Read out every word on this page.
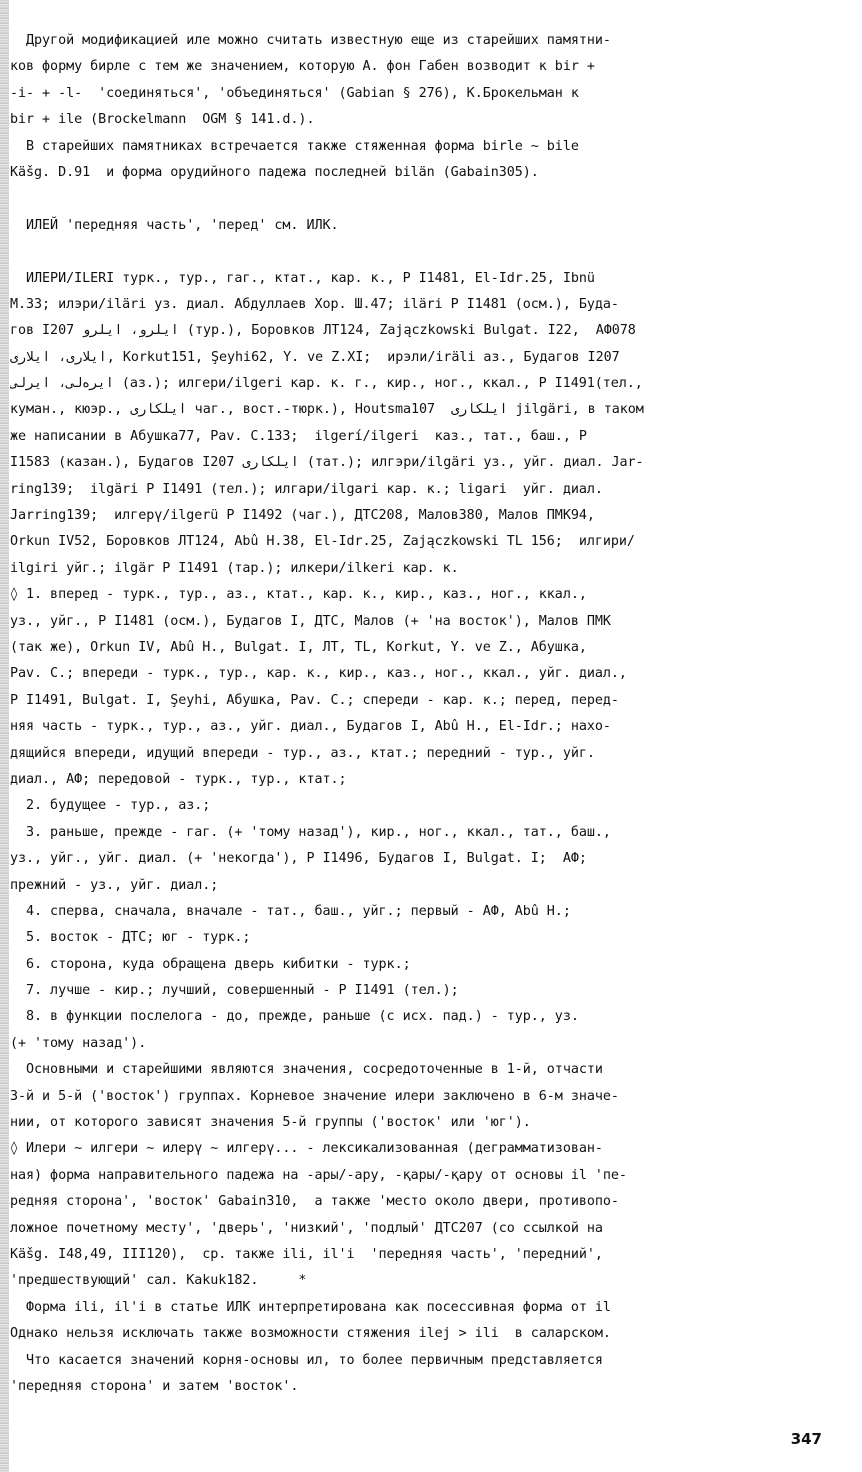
Другой модификацией иле можно считать известную еще из старейших памятни-
ков форму бирле с тем же значением, которую А. фон Габен возводит к bir +
-i- + -l-  'соединяться', 'объединяться' (Gabian § 276), К.Брокельман к
bir + ile (Brockelmann  OGM § 141.d.).
В старейших памятниках встречается также стяженная форма birle ~ bile
Käšg. D.91  и форма орудийного падежа последней bilän (Gabain305).
ИЛЕЙ 'передняя часть', 'перед' см. ИЛК.
ИЛЕРИ/ILERI турк., тур., гаг., ктат., кар. к., Р I1481, El-Idr.25, Ibnü
M.33; илэри/iläri уз. диал. Абдуллаев Хор. Ш.47; iläri Р I1481 (осм.), Буда-
гов I207 ایلرو، ایلرو (тур.), Боровков ЛТ124, Zajączkowski Bulgat. I22,  АФ078
ایلاری، ایلاری, Korkut151, Şeyhi62, Y. ve Z.XI;  ирэли/iräli аз., Будагов I207
ایرەلی، ایرلی (аз.); илгери/ilgeri кар. к. г., кир., ног., ккал., Р I1491(тел.,
куман., кюэр., ایلکاری чаг., вост.-тюрк.), Houtsma107  ایلکاری jilgäri, в таком
же написании в Абушка77, Pav. C.133;  ilgerí/ilgeri  каз., тат., баш., Р
I1583 (казан.), Будагов I207 ایلکاری (тат.); илгэри/ilgäri уз., уйг. диал. Jar-
ring139;  ilgäri Р I1491 (тел.); илгари/ilgari кар. к.; ligari  уйг. диал.
Jarring139;  илгерү/ilgerü Р I1492 (чаг.), ДТС208, Малов380, Малов ПМК94,
Orkun IV52, Боровков ЛТ124, Abû H.38, El-Idr.25, Zajączkowski TL 156;  илгири/
ilgiri уйг.; ilgär Р I1491 (тар.); илкери/ilkeri кар. к.
◊ 1. вперед - турк., тур., аз., ктат., кар. к., кир., каз., ног., ккал.,
уз., уйг., Р I1481 (осм.), Будагов I, ДТС, Малов (+ 'на восток'), Малов ПМК
(так же), Orkun IV, Abû H., Bulgat. I, ЛТ, TL, Korkut, Y. ve Z., Абушка,
Pav. C.; впереди - турк., тур., кар. к., кир., каз., ног., ккал., уйг. диал.,
Р I1491, Bulgat. I, Şeyhi, Абушка, Pav. C.; спереди - кар. к.; перед, перед-
няя часть - турк., тур., аз., уйг. диал., Будагов I, Abû H., El-Idr.; нахо-
дящийся впереди, идущий впереди - тур., аз., ктат.; передний - тур., уйг.
диал., АФ; передовой - турк., тур., ктат.;
2. будущее - тур., аз.;
3. раньше, прежде - гаг. (+ 'тому назад'), кир., ног., ккал., тат., баш.,
уз., уйг., уйг. диал. (+ 'некогда'), Р I1496, Будагов I, Bulgat. I;  АФ;
прежний - уз., уйг. диал.;
4. сперва, сначала, вначале - тат., баш., уйг.; первый - АФ, Abû H.;
5. восток - ДТС; юг - турк.;
6. сторона, куда обращена дверь кибитки - турк.;
7. лучше - кир.; лучший, совершенный - Р I1491 (тел.);
8. в функции послелога - до, прежде, раньше (с исх. пад.) - тур., уз.
(+ 'тому назад').
Основными и старейшими являются значения, сосредоточенные в 1-й, отчасти
3-й и 5-й ('восток') группах. Корневое значение илери заключено в 6-м значе-
нии, от которого зависят значения 5-й группы ('восток' или 'юг').
◊ Илери ~ илгери ~ илерү ~ илгерү... - лексикализованная (деграмматизован-
ная) форма направительного падежа на -ары/-ару, -қары/-қару от основы il 'пе-
редняя сторона', 'восток' Gabain310,  а также 'место около двери, противопо-
ложное почетному месту', 'дверь', 'низкий', 'подлый' ДТС207 (со ссылкой на
Käšg. I48,49, III120),  ср. также ili, il'i  'передняя часть', 'передний',
'предшествующий' сал. Kakuk182.     *
Форма ili, il'i в статье ИЛК интерпретирована как посессивная форма от il
Однако нельзя исключать также возможности стяжения ilej > ili  в саларском.
Что касается значений корня-основы ил, то более первичным представляется
'передняя сторона' и затем 'восток'.
347
